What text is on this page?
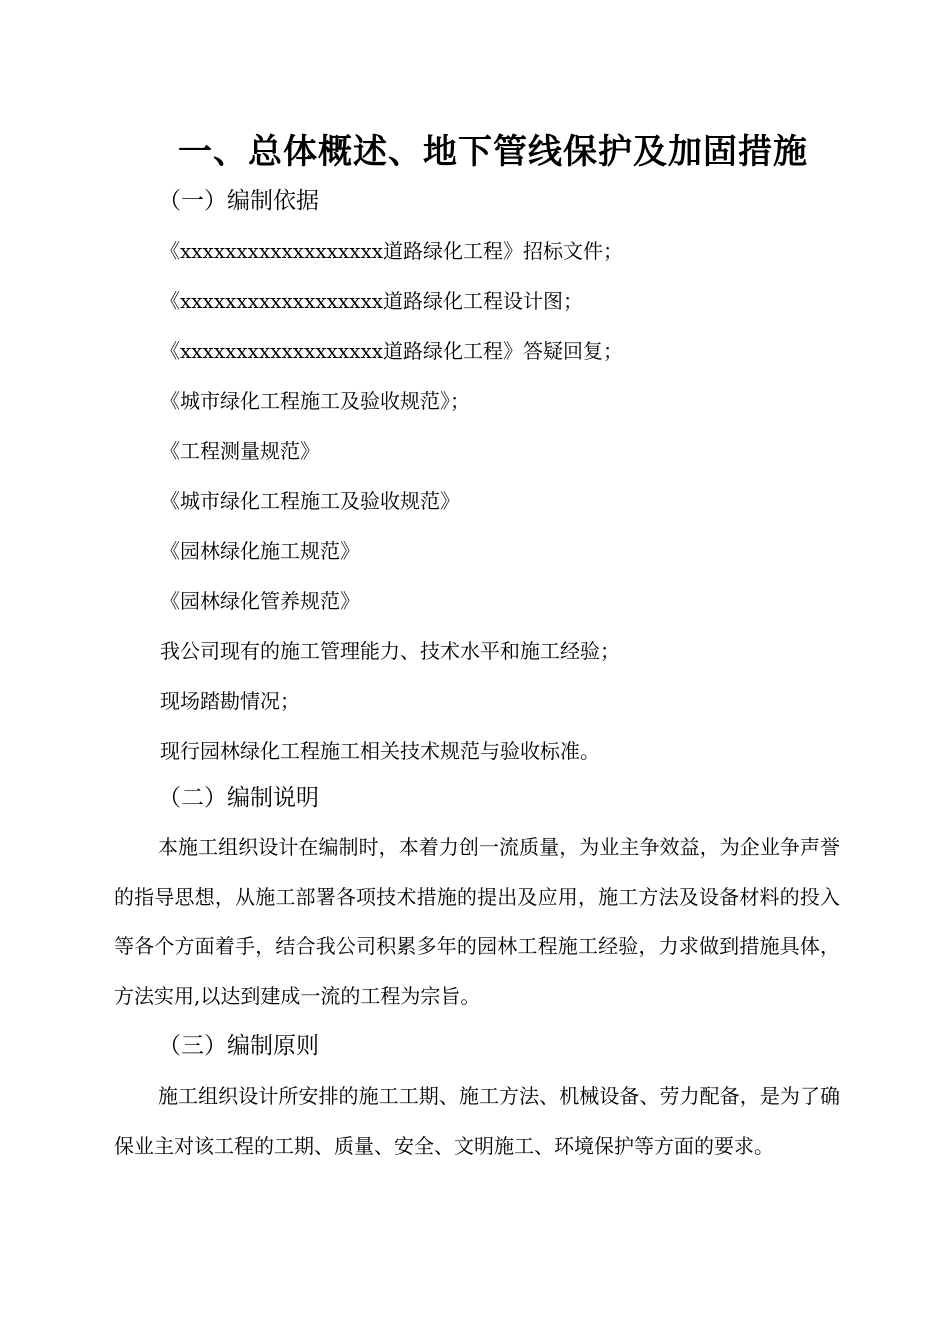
一、总体概述、地下管线保护及加固措施
（一）编制依据
《xxxxxxxxxxxxxxxxxx道路绿化工程》招标文件；
《xxxxxxxxxxxxxxxxxx道路绿化工程设计图；
《xxxxxxxxxxxxxxxxxx道路绿化工程》答疑回复；
《城市绿化工程施工及验收规范》；
《工程测量规范》
《城市绿化工程施工及验收规范》
《园林绿化施工规范》
《园林绿化管养规范》
我公司现有的施工管理能力、技术水平和施工经验；
现场踏勘情况；
现行园林绿化工程施工相关技术规范与验收标准。
（二）编制说明

本施工组织设计在编制时，本着力创一流质量，为业主争效益，为企业争声誉的指导思想，从施工部署各项技术措施的提出及应用，施工方法及设备材料的投入等各个方面着手，结合我公司积累多年的园林工程施工经验，力求做到措施具体，方法实用,以达到建成一流的工程为宗旨。

（三）编制原则

施工组织设计所安排的施工工期、施工方法、机械设备、劳力配备，是为了确保业主对该工程的工期、质量、安全、文明施工、环境保护等方面的要求。
